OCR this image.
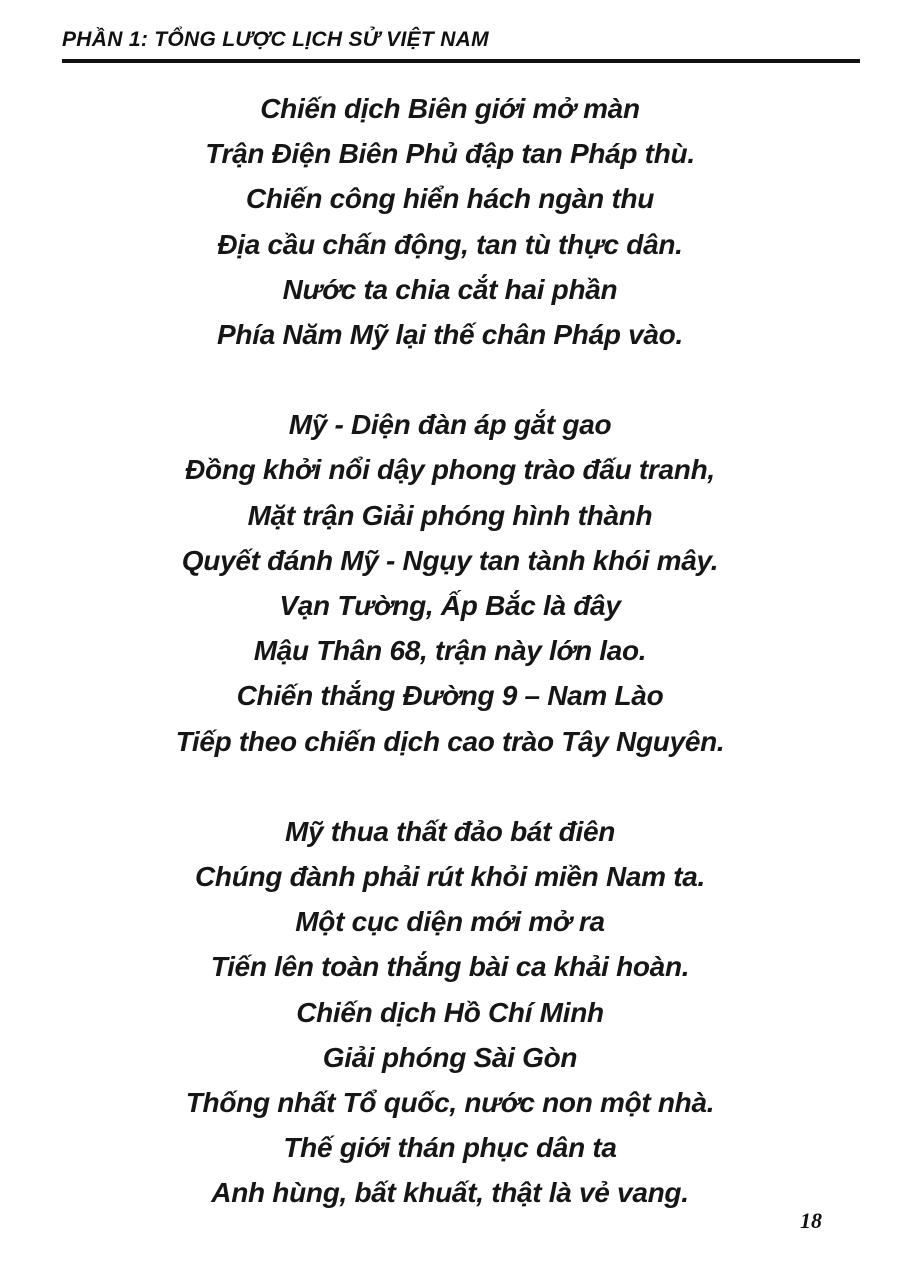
PHẦN 1: TỔNG LƯỢC LỊCH SỬ VIỆT NAM

Chiến dịch Biên giới mở màn

Trận Điện Biên Phủ đập tan Pháp thù.

Chiến công hiển hách ngàn thu

Địa cầu chấn động, tan tù thực dân.

Nước ta chia cắt hai phần

Phía Năm Mỹ lại thế chân Pháp vào.

Mỹ - Diện đàn áp gắt gao

Đồng khởi nổi dậy phong trào đấu tranh,

Mặt trận Giải phóng hình thành

Quyết đánh Mỹ - Ngụy tan tành khói mây.

Vạn Tường, Ấp Bắc là đây

Mậu Thân 68, trận này lớn lao.

Chiến thắng Đường 9 – Nam Lào

Tiếp theo chiến dịch cao trào Tây Nguyên.

Mỹ thua thất đảo bát điên

Chúng đành phải rút khỏi miền Nam ta.

Một cục diện mới mở ra

Tiến lên toàn thắng bài ca khải hoàn.

Chiến dịch Hồ Chí Minh

Giải phóng Sài Gòn

Thống nhất Tổ quốc, nước non một nhà.

Thế giới thán phục dân ta

Anh hùng, bất khuất, thật là vẻ vang.

18
